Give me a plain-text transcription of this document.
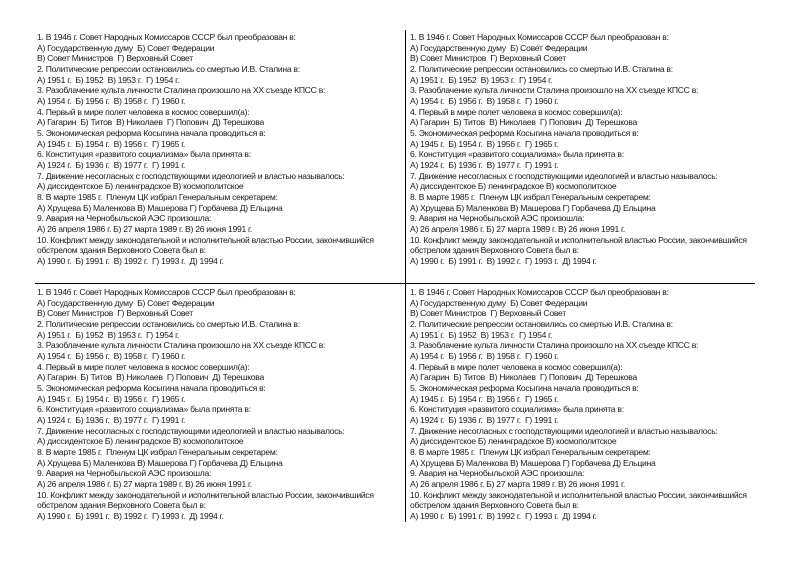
1. В 1946 г. Совет Народных Комиссаров СССР был преобразован в:
А) Государственную думу  Б) Совет Федерации
В) Совет Министров  Г) Верховный Совет
2. Политические репрессии остановились со смертью И.В. Сталина в:
А) 1951 г.  Б) 1952  В) 1953 г.  Г) 1954 г.
3. Разоблачение культа личности Сталина произошло на ХХ съезде КПСС в:
А) 1954 г.  Б) 1956 г.  В) 1958 г.  Г) 1960 г.
4. Первый в мире полет человека в космос совершил(а):
А) Гагарин  Б) Титов  В) Николаев  Г) Попович  Д) Терешкова
5. Экономическая реформа Косыгина начала проводиться в:
А) 1945 г.  Б) 1954 г.  В) 1956 г.  Г) 1965 г.
6. Конституция «развитого социализма» была принята в:
А) 1924 г.  Б) 1936 г.  В) 1977 г.  Г) 1991 г.
7. Движение несогласных с господствующими идеологией и властью называлось:
А) диссидентское Б) ленинградское В) космополитское
8. В марте 1985 г.  Пленум ЦК избрал Генеральным секретарем:
А) Хрущева Б) Маленкова В) Машерова Г) Горбачева Д) Ельцина
9. Авария на Чернобыльской АЭС произошла:
А) 26 апреля 1986 г. Б) 27 марта 1989 г. В) 26 июня 1991 г.
10. Конфликт между законодательной и исполнительной властью России, закончившийся
обстрелом здания Верховного Совета был в:
А) 1990 г.  Б) 1991 г.  В) 1992 г.  Г) 1993 г.  Д) 1994 г.
1. В 1946 г. Совет Народных Комиссаров СССР был преобразован в:
А) Государственную думу  Б) Совет Федерации
В) Совет Министров  Г) Верховный Совет
2. Политические репрессии остановились со смертью И.В. Сталина в:
А) 1951 г.  Б) 1952  В) 1953 г.  Г) 1954 г.
3. Разоблачение культа личности Сталина произошло на ХХ съезде КПСС в:
А) 1954 г.  Б) 1956 г.  В) 1958 г.  Г) 1960 г.
4. Первый в мире полет человека в космос совершил(а):
А) Гагарин  Б) Титов  В) Николаев  Г) Попович  Д) Терешкова
5. Экономическая реформа Косыгина начала проводиться в:
А) 1945 г.  Б) 1954 г.  В) 1956 г.  Г) 1965 г.
6. Конституция «развитого социализма» была принята в:
А) 1924 г.  Б) 1936 г.  В) 1977 г.  Г) 1991 г.
7. Движение несогласных с господствующими идеологией и властью называлось:
А) диссидентское Б) ленинградское В) космополитское
8. В марте 1985 г.  Пленум ЦК избрал Генеральным секретарем:
А) Хрущева Б) Маленкова В) Машерова Г) Горбачева Д) Ельцина
9. Авария на Чернобыльской АЭС произошла:
А) 26 апреля 1986 г. Б) 27 марта 1989 г. В) 26 июня 1991 г.
10. Конфликт между законодательной и исполнительной властью России, закончившийся
обстрелом здания Верховного Совета был в:
А) 1990 г.  Б) 1991 г.  В) 1992 г.  Г) 1993 г.  Д) 1994 г.
1. В 1946 г. Совет Народных Комиссаров СССР был преобразован в:
А) Государственную думу  Б) Совет Федерации
В) Совет Министров  Г) Верховный Совет
2. Политические репрессии остановились со смертью И.В. Сталина в:
А) 1951 г.  Б) 1952  В) 1953 г.  Г) 1954 г.
3. Разоблачение культа личности Сталина произошло на ХХ съезде КПСС в:
А) 1954 г.  Б) 1956 г.  В) 1958 г.  Г) 1960 г.
4. Первый в мире полет человека в космос совершил(а):
А) Гагарин  Б) Титов  В) Николаев  Г) Попович  Д) Терешкова
5. Экономическая реформа Косыгина начала проводиться в:
А) 1945 г.  Б) 1954 г.  В) 1956 г.  Г) 1965 г.
6. Конституция «развитого социализма» была принята в:
А) 1924 г.  Б) 1936 г.  В) 1977 г.  Г) 1991 г.
7. Движение несогласных с господствующими идеологией и властью называлось:
А) диссидентское Б) ленинградское В) космополитское
8. В марте 1985 г.  Пленум ЦК избрал Генеральным секретарем:
А) Хрущева Б) Маленкова В) Машерова Г) Горбачева Д) Ельцина
9. Авария на Чернобыльской АЭС произошла:
А) 26 апреля 1986 г. Б) 27 марта 1989 г. В) 26 июня 1991 г.
10. Конфликт между законодательной и исполнительной властью России, закончившийся
обстрелом здания Верховного Совета был в:
А) 1990 г.  Б) 1991 г.  В) 1992 г.  Г) 1993 г.  Д) 1994 г.
1. В 1946 г. Совет Народных Комиссаров СССР был преобразован в:
А) Государственную думу  Б) Совет Федерации
В) Совет Министров  Г) Верховный Совет
2. Политические репрессии остановились со смертью И.В. Сталина в:
А) 1951 г.  Б) 1952  В) 1953 г.  Г) 1954 г.
3. Разоблачение культа личности Сталина произошло на ХХ съезде КПСС в:
А) 1954 г.  Б) 1956 г.  В) 1958 г.  Г) 1960 г.
4. Первый в мире полет человека в космос совершил(а):
А) Гагарин  Б) Титов  В) Николаев  Г) Попович  Д) Терешкова
5. Экономическая реформа Косыгина начала проводиться в:
А) 1945 г.  Б) 1954 г.  В) 1956 г.  Г) 1965 г.
6. Конституция «развитого социализма» была принята в:
А) 1924 г.  Б) 1936 г.  В) 1977 г.  Г) 1991 г.
7. Движение несогласных с господствующими идеологией и властью называлось:
А) диссидентское Б) ленинградское В) космополитское
8. В марте 1985 г.  Пленум ЦК избрал Генеральным секретарем:
А) Хрущева Б) Маленкова В) Машерова Г) Горбачева Д) Ельцина
9. Авария на Чернобыльской АЭС произошла:
А) 26 апреля 1986 г. Б) 27 марта 1989 г. В) 26 июня 1991 г.
10. Конфликт между законодательной и исполнительной властью России, закончившийся
обстрелом здания Верховного Совета был в:
А) 1990 г.  Б) 1991 г.  В) 1992 г.  Г) 1993 г.  Д) 1994 г.
